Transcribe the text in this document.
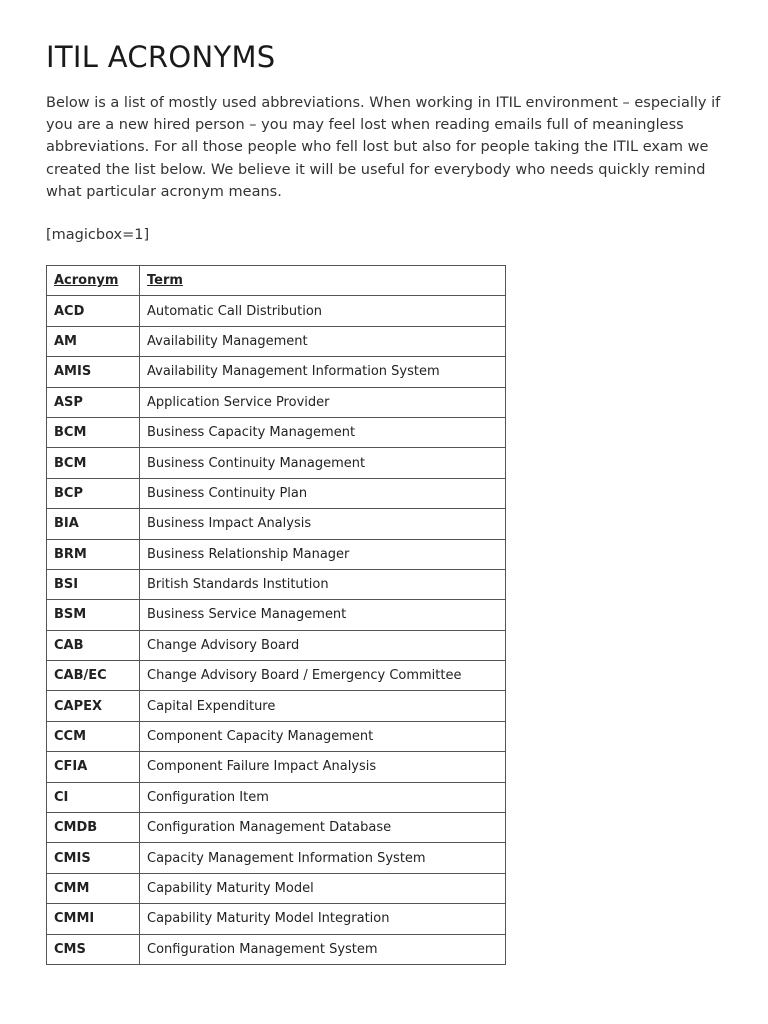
ITIL ACRONYMS

Below is a list of mostly used abbreviations. When working in ITIL environment – especially if you are a new hired person – you may feel lost when reading emails full of meaningless abbreviations. For all those people who fell lost but also for people taking the ITIL exam we created the list below. We believe it will be useful for everybody who needs quickly remind what particular acronym means.

[magicbox=1]

Acronym	Term
ACD	Automatic Call Distribution
AM	Availability Management
AMIS	Availability Management Information System
ASP	Application Service Provider
BCM	Business Capacity Management
BCM	Business Continuity Management
BCP	Business Continuity Plan
BIA	Business Impact Analysis
BRM	Business Relationship Manager
BSI	British Standards Institution
BSM	Business Service Management
CAB	Change Advisory Board
CAB/EC	Change Advisory Board / Emergency Committee
CAPEX	Capital Expenditure
CCM	Component Capacity Management
CFIA	Component Failure Impact Analysis
CI	Configuration Item
CMDB	Configuration Management Database
CMIS	Capacity Management Information System
CMM	Capability Maturity Model
CMMI	Capability Maturity Model Integration
CMS	Configuration Management System
